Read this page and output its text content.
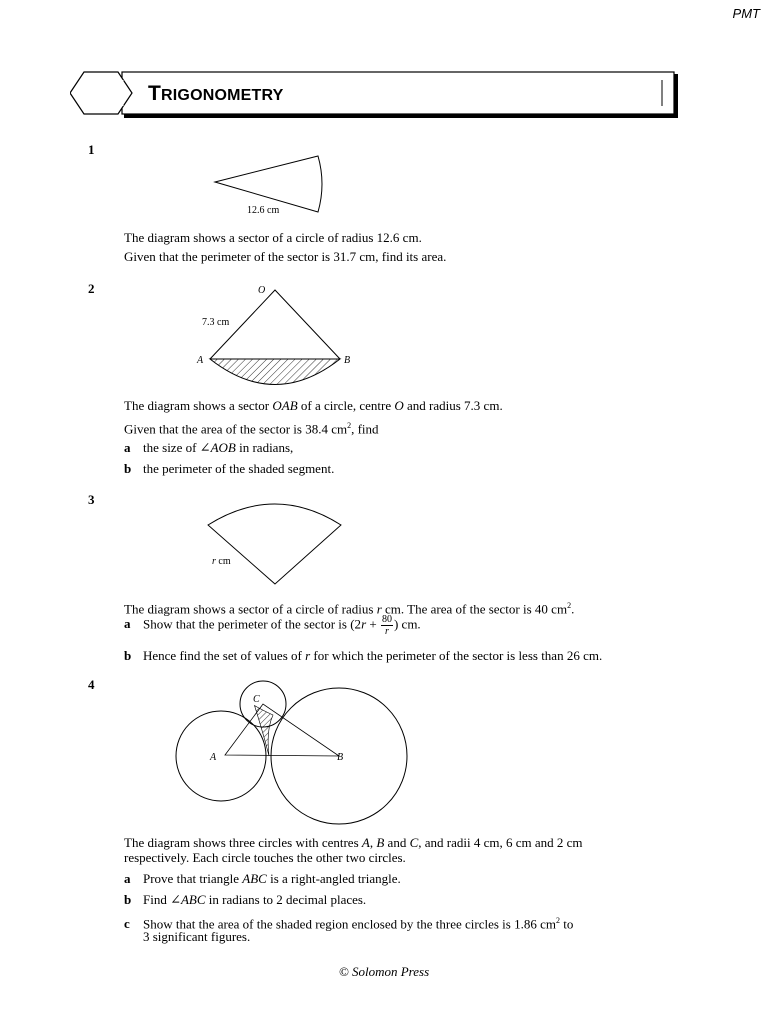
PMT
TRIGONOMETRY
1
12.6 cm
The diagram shows a sector of a circle of radius 12.6 cm.
Given that the perimeter of the sector is 31.7 cm, find its area.
2	O
A	B
7.3 cm
The diagram shows a sector OAB of a circle, centre O and radius 7.3 cm.
Given that the area of the sector is 38.4 $cm^2$, find
a the size of ∠AOB in radians,
b the perimeter of the shaded segment.
3
r cm
The diagram shows a sector of a circle of radius r cm. The area of the sector is 40 $cm^2$.
a Show that the perimeter of the sector is ($2r + \frac{80}{r}$ ) cm.
b Hence find the set of values of r for which the perimeter of the sector is less than 26 cm.
4
A	B
C
The diagram shows three circles with centres A, B and C, and radii 4 cm, 6 cm and 2 cm
respectively. Each circle touches the other two circles.
a Prove that triangle ABC is a right-angled triangle.
b Find ∠ABC in radians to 2 decimal places.
c Show that the area of the shaded region enclosed by the three circles is 1.86 $cm^2$ to
3 significant figures.
© Solomon Press
